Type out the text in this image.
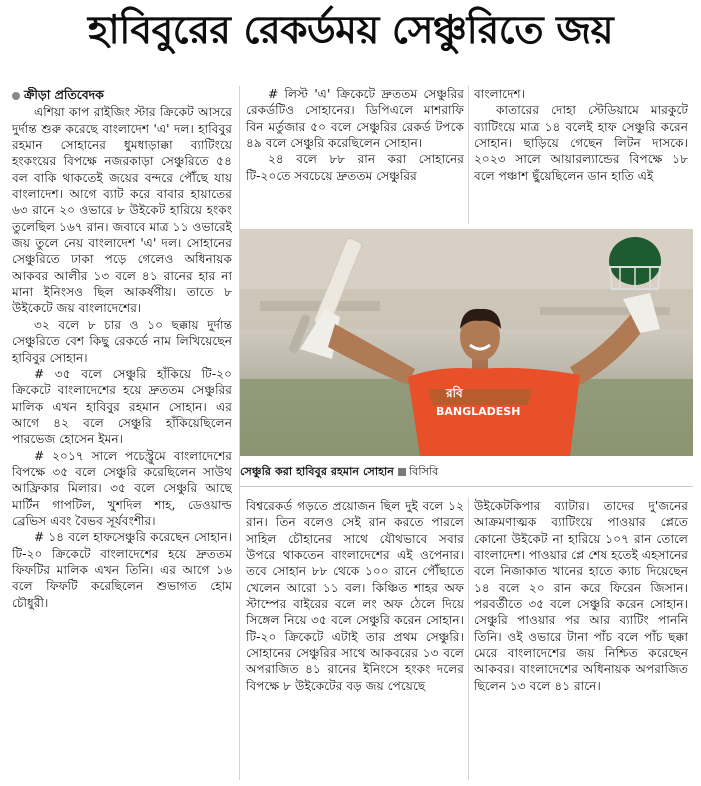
হাবিবুরের রেকর্ডময় সেঞ্চুরিতে জয়
ক্রীড়া প্রতিবেদক

এশিয়া কাপ রাইজিং স্টার ক্রিকেট আসরে দুর্দান্ত শুরু করেছে বাংলাদেশ 'এ' দল। হাবিবুর রহমান সোহানের ধুমধাড়াক্কা ব্যাটিংয়ে হংকংয়ের বিপক্ষে নজরকাড়া সেঞ্চুরিতে ৫৪ বল বাকি থাকতেই জয়ের বন্দরে পৌঁছে যায় বাংলাদেশ। আগে ব্যাট করে বাবার হায়াতের ৬৩ রানে ২০ ওভারে ৮ উইকেট হারিয়ে হংকং তুলেছিল ১৬৭ রান। জবাবে মাত্র ১১ ওভারেই জয় তুলে নেয় বাংলাদেশ 'এ' দল। সোহানের সেঞ্চুরিতে ঢাকা পড়ে গেলেও অধিনায়ক আকবর আলীর ১৩ বলে ৪১ রানের হার না মানা ইনিংসও ছিল আকর্ষণীয়। তাতে ৮ উইকেটে জয় বাংলাদেশের।

৩২ বলে ৮ চার ও ১০ ছক্কায় দুর্দান্ত সেঞ্চুরিতে বেশ কিছু রেকর্ডে নাম লিখিয়েছেন হাবিবুর সোহান।

# ৩৫ বলে সেঞ্চুরি হাঁকিয়ে টি-২০ ক্রিকেটে বাংলাদেশের হয়ে দ্রুততম সেঞ্চুরির মালিক এখন হাবিবুর রহমান সোহান। এর আগে ৪২ বলে সেঞ্চুরি হাঁকিয়েছিলেন পারভেজ হোসেন ইমন।

# ২০১৭ সালে পচেস্ট্রুমে বাংলাদেশের বিপক্ষে ৩৫ বলে সেঞ্চুরি করেছিলেন সাউথ আফ্রিকার মিলার। ৩৫ বলে সেঞ্চুরি আছে মার্টিন গাপটিল, খুশদিল শাহ, ডেওয়াল্ড ব্রেভিস এবং বৈভব সূর্যবংশীর।

# ১৪ বলে হাফসেঞ্চুরি করেছেন সোহান। টি-২০ ক্রিকেটে বাংলাদেশের হয়ে দ্রুততম ফিফটির মালিক এখন তিনি। এর আগে ১৬ বলে ফিফটি করেছিলেন শুভাগত হোম চৌধুরী।

# লিস্ট 'এ' ক্রিকেটে দ্রুততম সেঞ্চুরির রেকর্ডটিও সোহানের। ডিপিএলে মাশরাফি বিন মর্তুজার ৫০ বলে সেঞ্চুরির রেকর্ড টপকে ৪৯ বলে সেঞ্চুরি করেছিলেন সোহান।

২৪ বলে ৮৮ রান করা সোহানের টি-২০তে সবচেয়ে দ্রুততম সেঞ্চুরির

বাংলাদেশ।

কাতারের দোহা স্টেডিয়ামে মারকুটে ব্যাটিংয়ে মাত্র ১৪ বলেই হাফ সেঞ্চুরি করেন সোহান। ছাড়িয়ে গেছেন লিটন দাসকে। ২০২৩ সালে আয়ারল্যান্ডের বিপক্ষে ১৮ বলে পঞ্চাশ ছুঁয়েছিলেন ডান হাতি এই

রবি
BANGLADESH
সেঞ্চুরি করা হাবিবুর রহমান সোহান বিসিবি

বিশ্বরেকর্ড গড়তে প্রয়োজন ছিল দুই বলে ১২ রান। তিন বলেও সেই রান করতে পারলে সাহিল চৌহানের সাথে যৌথভাবে সবার উপরে থাকতেন বাংলাদেশের এই ওপেনার। তবে সোহান ৮৮ থেকে ১০০ রানে পৌঁছাতে খেলেন আরো ১১ বল। কিঞ্চিত শাহর অফ স্টাম্পের বাইরের বলে লং অফ ঠেলে দিয়ে সিঙ্গেল নিয়ে ৩৫ বলে সেঞ্চুরি করেন সোহান। টি-২০ ক্রিকেটে এটাই তার প্রথম সেঞ্চুরি। সোহানের সেঞ্চুরির সাথে আকবরের ১৩ বলে অপরাজিত ৪১ রানের ইনিংসে হংকং দলের বিপক্ষে ৮ উইকেটের বড় জয় পেয়েছে

উইকেটকিপার ব্যাটার। তাদের দু'জনের আক্রমণাত্মক ব্যাটিংয়ে পাওয়ার প্লেতে কোনো উইকেট না হারিয়ে ১০৭ রান তোলে বাংলাদেশ। পাওয়ার প্লে শেষ হতেই এহসানের বলে নিজাকাত খানের হাতে ক্যাচ দিয়েছেন ১৪ বলে ২০ রান করে ফিরেন জিসান। পরবর্তীতে ৩৫ বলে সেঞ্চুরি করেন সোহান। সেঞ্চুরি পাওয়ার পর আর ব্যাটিং পাননি তিনি। ওই ওভারে টানা পাঁচ বলে পাঁচ ছক্কা মেরে বাংলাদেশের জয় নিশ্চিত করেছেন আকবর। বাংলাদেশের অধিনায়ক অপরাজিত ছিলেন ১৩ বলে ৪১ রানে।
